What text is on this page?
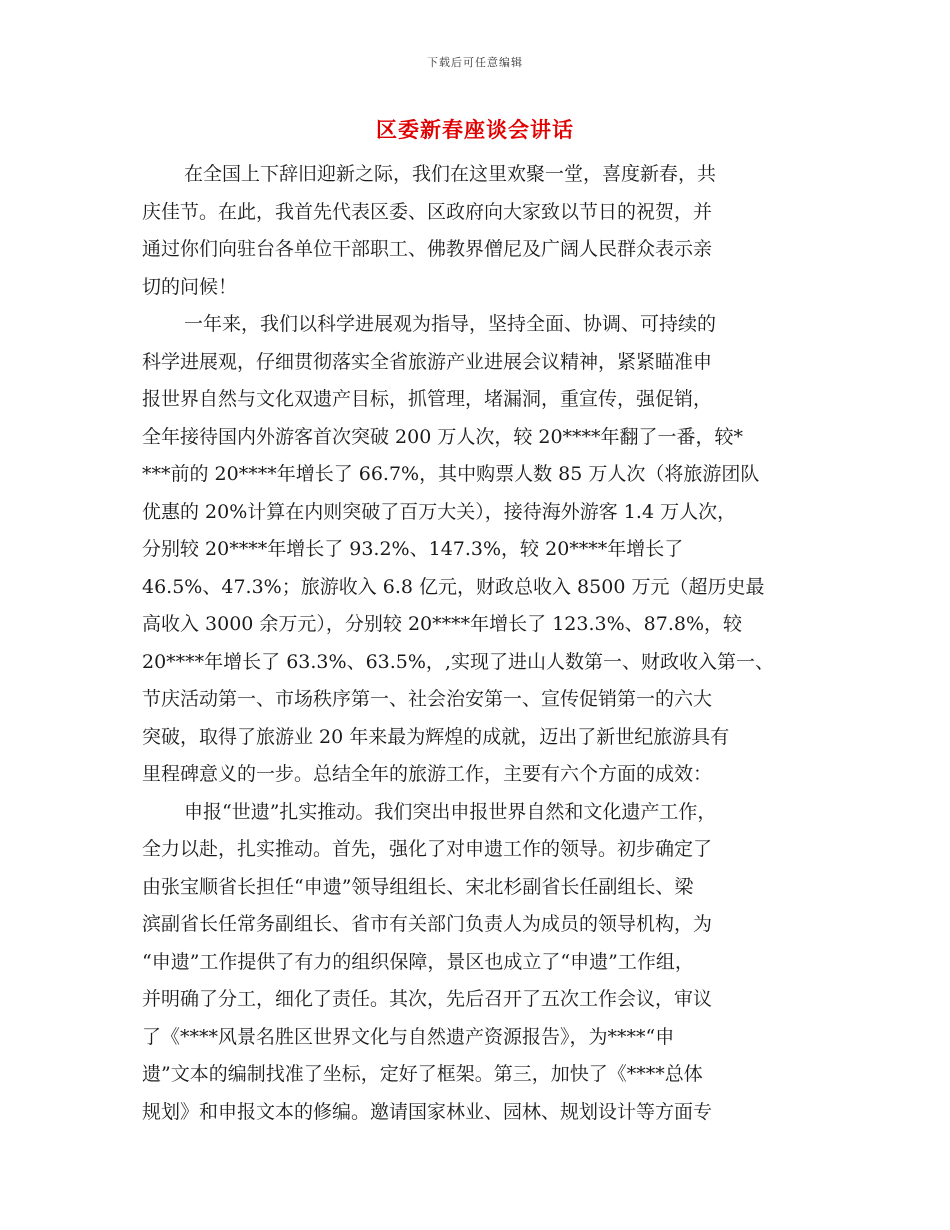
下载后可任意编辑
区委新春座谈会讲话
在全国上下辞旧迎新之际，我们在这里欢聚一堂，喜度新春，共
庆佳节。在此，我首先代表区委、区政府向大家致以节日的祝贺，并
通过你们向驻台各单位干部职工、佛教界僧尼及广阔人民群众表示亲
切的问候！
一年来，我们以科学进展观为指导，坚持全面、协调、可持续的
科学进展观，仔细贯彻落实全省旅游产业进展会议精神，紧紧瞄准申
报世界自然与文化双遗产目标，抓管理，堵漏洞，重宣传，强促销，
全年接待国内外游客首次突破 200 万人次，较 20****年翻了一番，较*
***前的 20****年增长了 66.7%，其中购票人数 85 万人次（将旅游团队
优惠的 20%计算在内则突破了百万大关），接待海外游客 1.4 万人次，
分别较 20****年增长了 93.2%、147.3%，较 20****年增长了
46.5%、47.3%；旅游收入 6.8 亿元，财政总收入 8500 万元（超历史最
高收入 3000 余万元），分别较 20****年增长了 123.3%、87.8%，较
20****年增长了 63.3%、63.5%，,实现了进山人数第一、财政收入第一、
节庆活动第一、市场秩序第一、社会治安第一、宣传促销第一的六大
突破，取得了旅游业 20 年来最为辉煌的成就，迈出了新世纪旅游具有
里程碑意义的一步。总结全年的旅游工作，主要有六个方面的成效：
申报“世遗”扎实推动。我们突出申报世界自然和文化遗产工作，
全力以赴，扎实推动。首先，强化了对申遗工作的领导。初步确定了
由张宝顺省长担任“申遗”领导组组长、宋北杉副省长任副组长、梁
滨副省长任常务副组长、省市有关部门负责人为成员的领导机构，为
“申遗”工作提供了有力的组织保障，景区也成立了“申遗”工作组，
并明确了分工，细化了责任。其次，先后召开了五次工作会议，审议
了《****风景名胜区世界文化与自然遗产资源报告》，为****“申
遗”文本的编制找准了坐标，定好了框架。第三，加快了《****总体
规划》和申报文本的修编。邀请国家林业、园林、规划设计等方面专
